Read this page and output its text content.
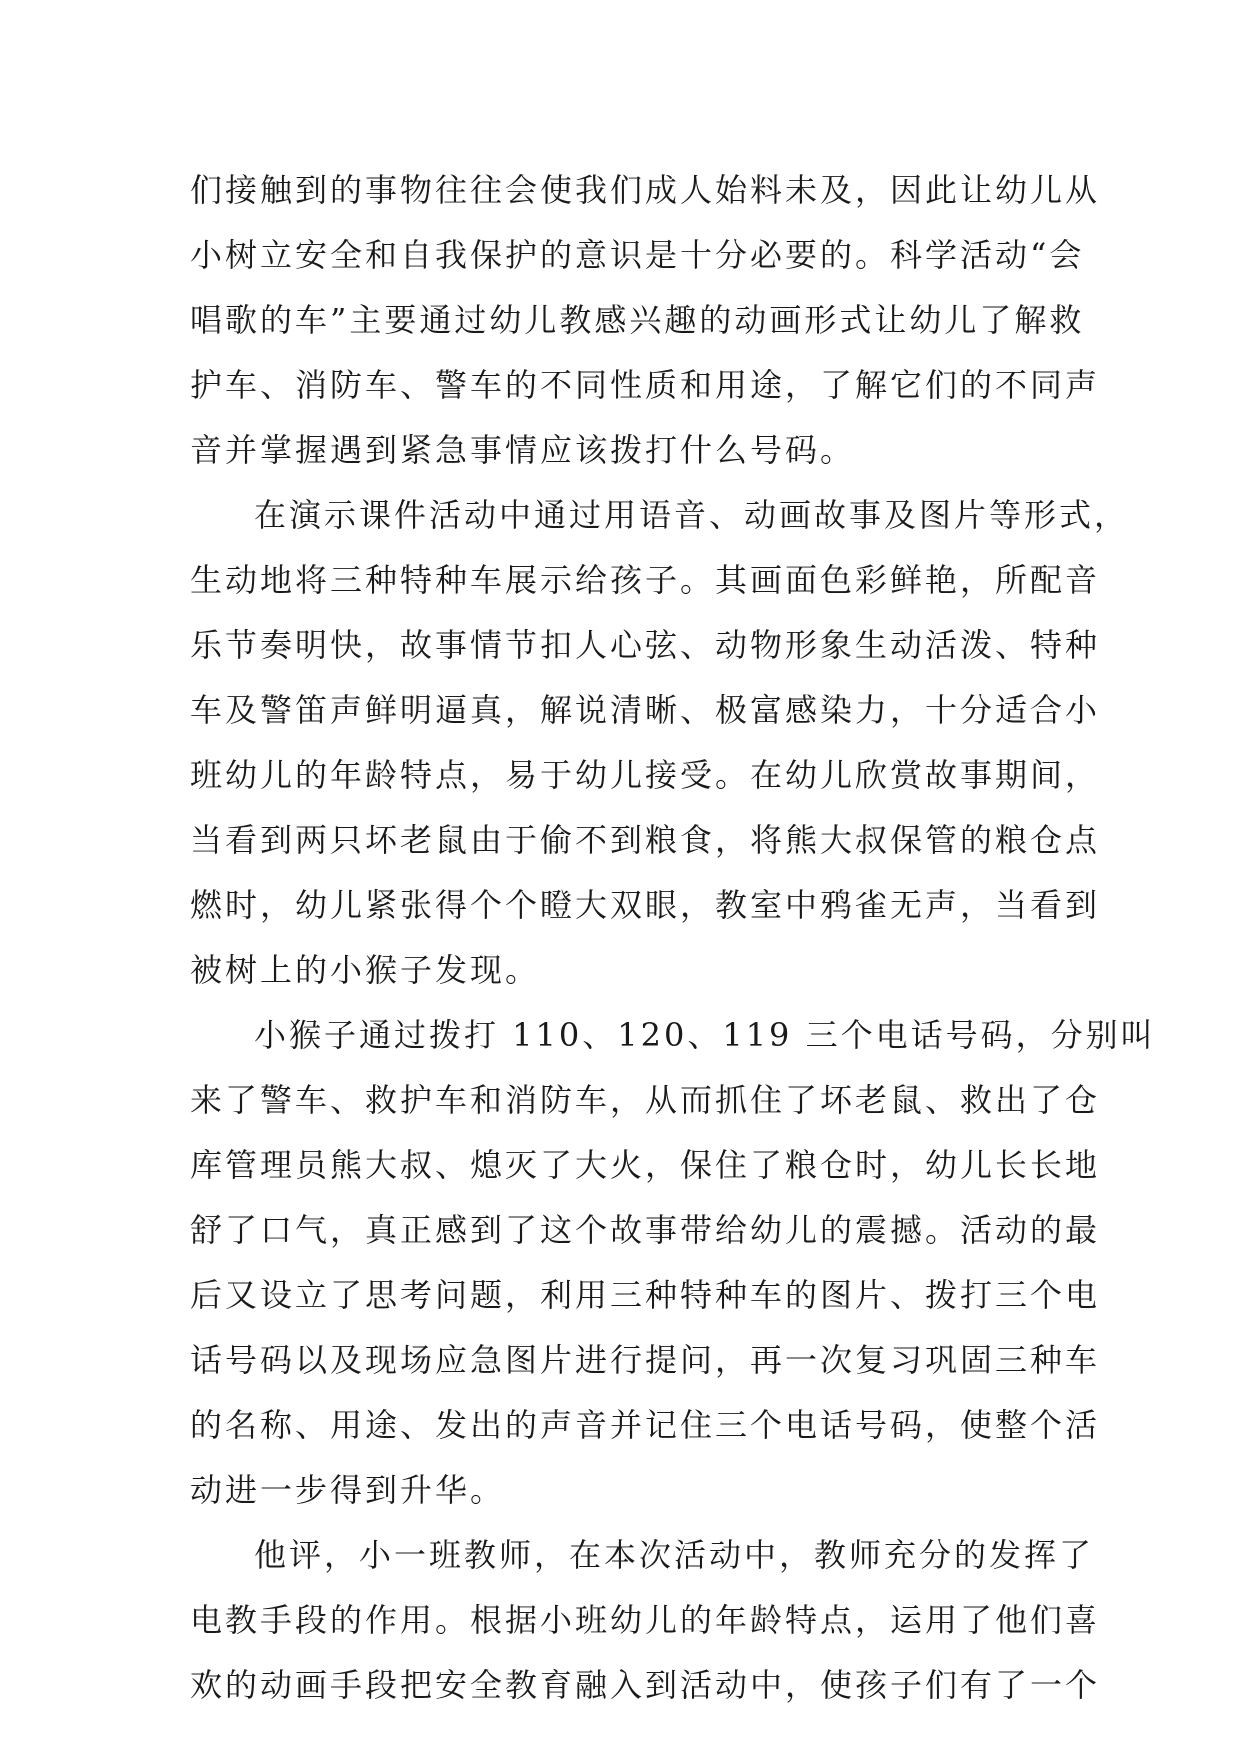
们接触到的事物往往会使我们成人始料未及，因此让幼儿从
小树立安全和自我保护的意识是十分必要的。科学活动“会
唱歌的车”主要通过幼儿教感兴趣的动画形式让幼儿了解救
护车、消防车、警车的不同性质和用途，了解它们的不同声
音并掌握遇到紧急事情应该拨打什么号码。

在演示课件活动中通过用语音、动画故事及图片等形式，
生动地将三种特种车展示给孩子。其画面色彩鲜艳，所配音
乐节奏明快，故事情节扣人心弦、动物形象生动活泼、特种
车及警笛声鲜明逼真，解说清晰、极富感染力，十分适合小
班幼儿的年龄特点，易于幼儿接受。在幼儿欣赏故事期间，
当看到两只坏老鼠由于偷不到粮食，将熊大叔保管的粮仓点
燃时，幼儿紧张得个个瞪大双眼，教室中鸦雀无声，当看到
被树上的小猴子发现。

小猴子通过拨打 110、120、119 三个电话号码，分别叫
来了警车、救护车和消防车，从而抓住了坏老鼠、救出了仓
库管理员熊大叔、熄灭了大火，保住了粮仓时，幼儿长长地
舒了口气，真正感到了这个故事带给幼儿的震撼。活动的最
后又设立了思考问题，利用三种特种车的图片、拨打三个电
话号码以及现场应急图片进行提问，再一次复习巩固三种车
的名称、用途、发出的声音并记住三个电话号码，使整个活
动进一步得到升华。

他评，小一班教师，在本次活动中，教师充分的发挥了
电教手段的作用。根据小班幼儿的年龄特点，运用了他们喜
欢的动画手段把安全教育融入到活动中，使孩子们有了一个
